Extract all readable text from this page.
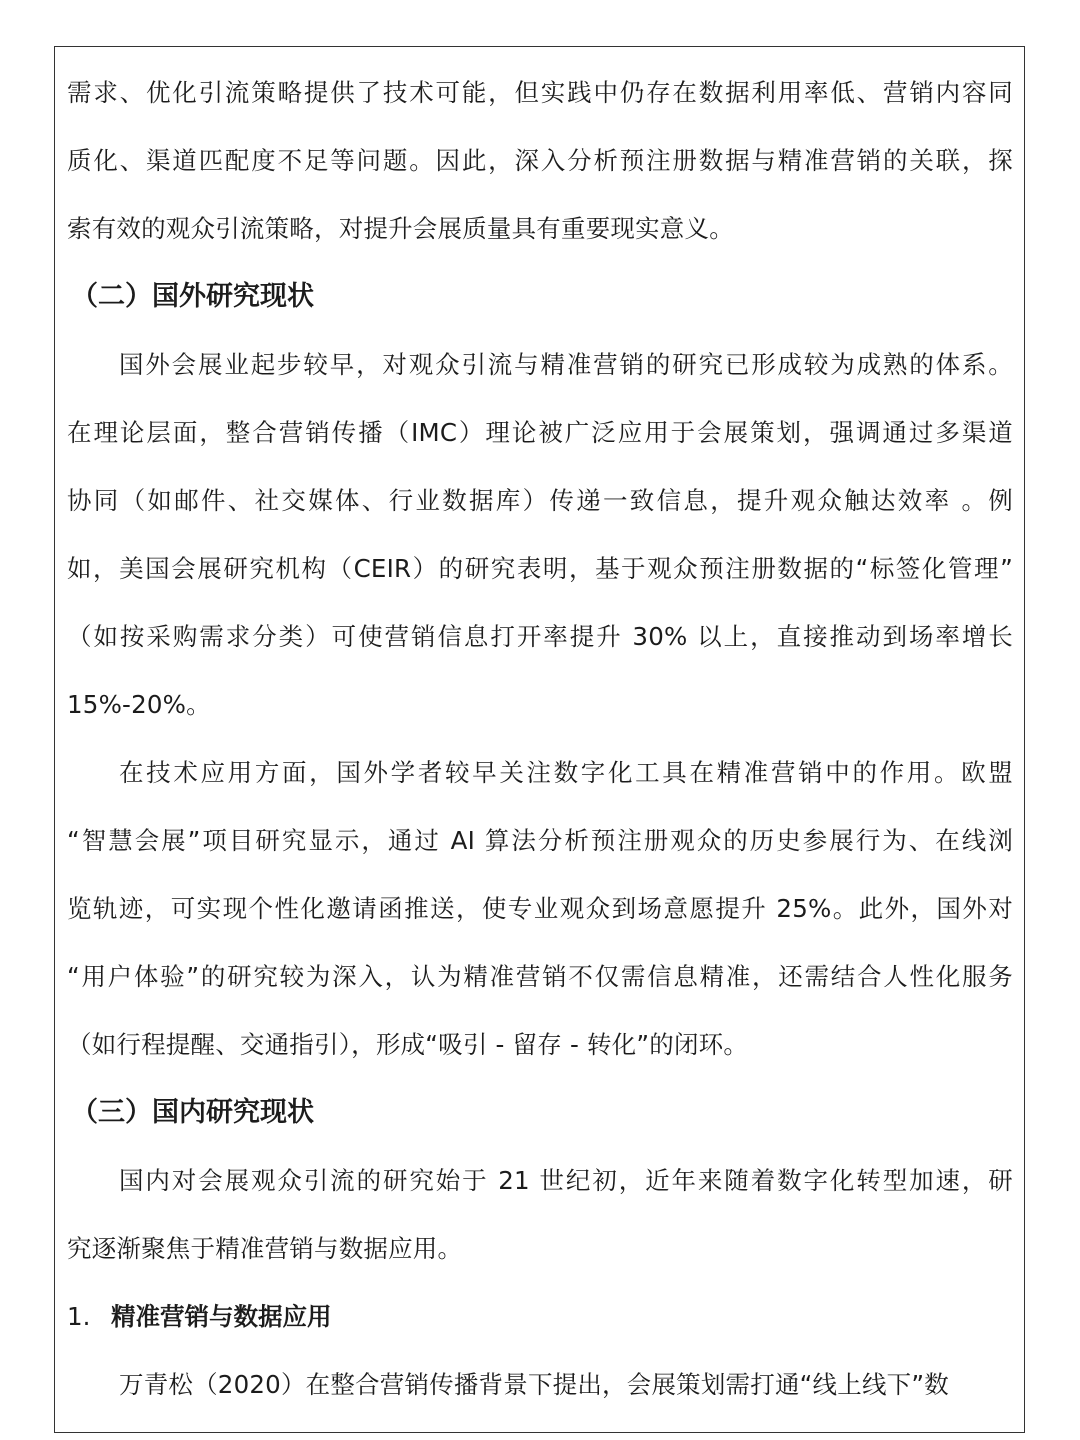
需求、优化引流策略提供了技术可能，但实践中仍存在数据利用率低、营销内容同
质化、渠道匹配度不足等问题。因此，深入分析预注册数据与精准营销的关联，探
索有效的观众引流策略，对提升会展质量具有重要现实意义。
（二）国外研究现状
国外会展业起步较早，对观众引流与精准营销的研究已形成较为成熟的体系。
在理论层面，整合营销传播（IMC）理论被广泛应用于会展策划，强调通过多渠道
协同（如邮件、社交媒体、行业数据库）传递一致信息，提升观众触达效率 。例
如，美国会展研究机构（CEIR）的研究表明，基于观众预注册数据的“标签化管理”
（如按采购需求分类）可使营销信息打开率提升 30% 以上，直接推动到场率增长
15%-20%。
在技术应用方面，国外学者较早关注数字化工具在精准营销中的作用。欧盟
“智慧会展”项目研究显示，通过 AI 算法分析预注册观众的历史参展行为、在线浏
览轨迹，可实现个性化邀请函推送，使专业观众到场意愿提升 25%。此外，国外对
“用户体验”的研究较为深入，认为精准营销不仅需信息精准，还需结合人性化服务
（如行程提醒、交通指引），形成“吸引 - 留存 - 转化”的闭环。
（三）国内研究现状
国内对会展观众引流的研究始于 21 世纪初，近年来随着数字化转型加速，研
究逐渐聚焦于精准营销与数据应用。
1. 精准营销与数据应用
万青松（2020）在整合营销传播背景下提出，会展策划需打通“线上线下”数
